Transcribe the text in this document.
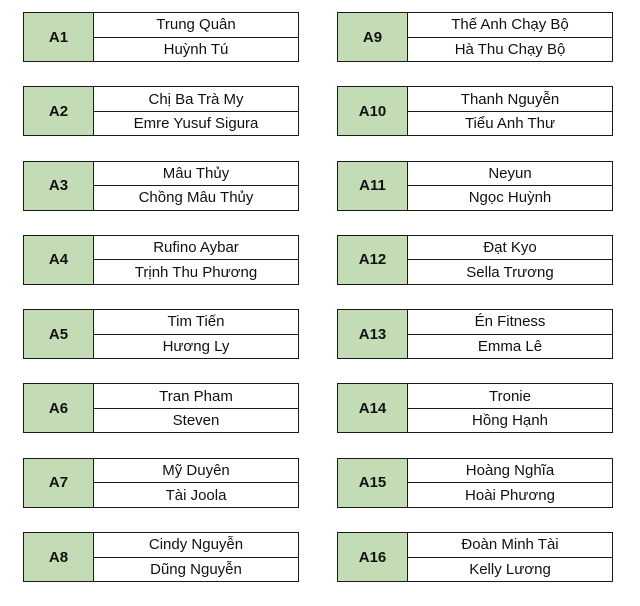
A1
Trung Quân
Huỳnh Tú
A2
Chị Ba Trà My
Emre Yusuf Sigura
A3
Mâu Thủy
Chồng Mâu Thủy
A4
Rufino Aybar
Trịnh Thu Phương
A5
Tim Tiến
Hương Ly
A6
Tran Pham
Steven
A7
Mỹ Duyên
Tài Joola
A8
Cindy Nguyễn
Dũng Nguyễn
A9
Thế Anh Chạy Bộ
Hà Thu Chạy Bộ
A10
Thanh Nguyễn
Tiểu Anh Thư
A11
Neyun
Ngọc Huỳnh
A12
Đạt Kyo
Sella Trương
A13
Én Fitness
Emma Lê
A14
Tronie
Hồng Hạnh
A15
Hoàng Nghĩa
Hoài Phương
A16
Đoàn Minh Tài
Kelly Lương
